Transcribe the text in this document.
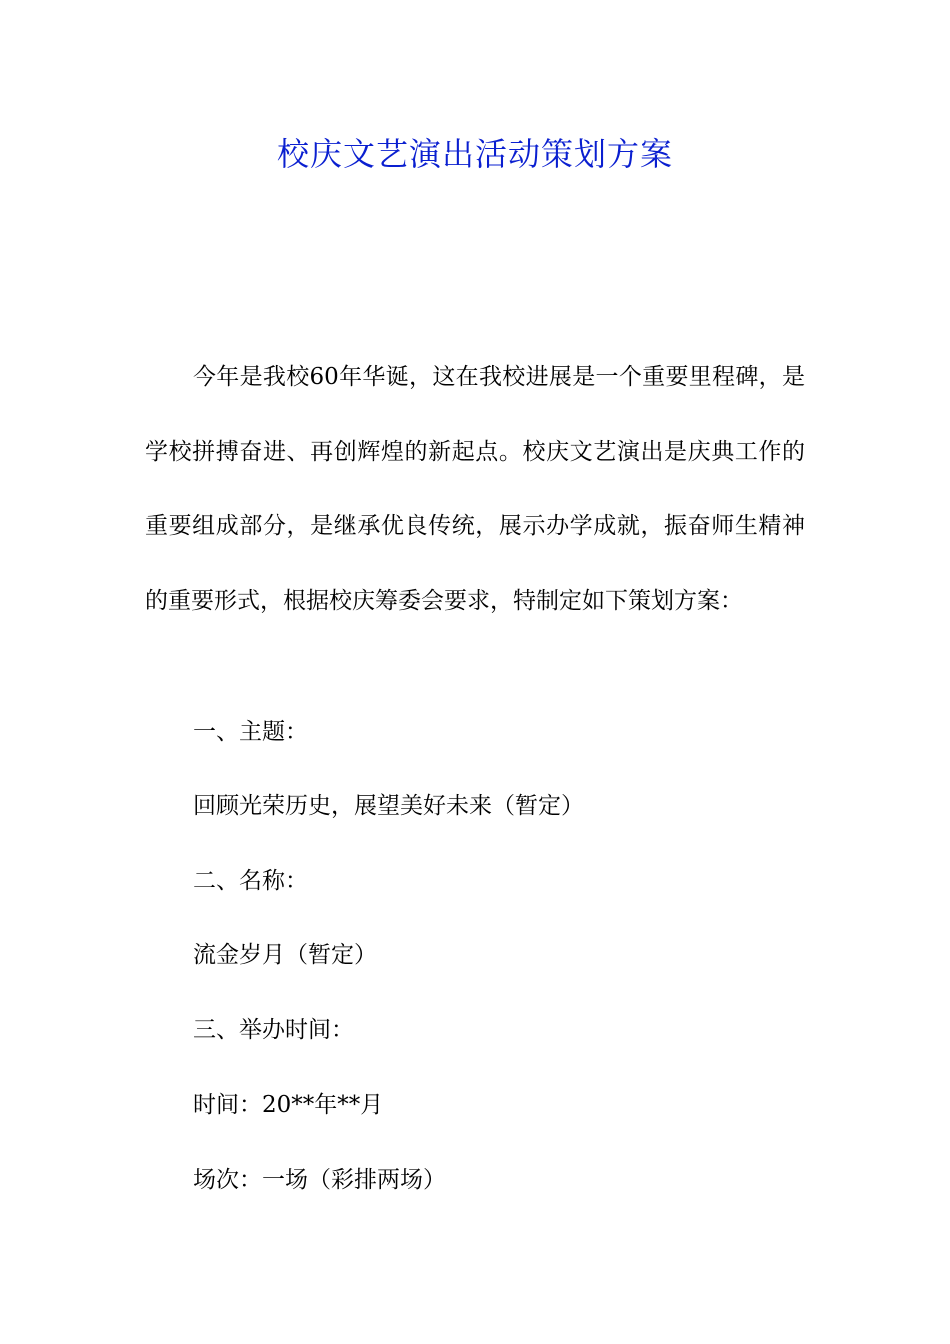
校庆文艺演出活动策划方案

今年是我校60年华诞，这在我校进展是一个重要里程碑，是学校拼搏奋进、再创辉煌的新起点。校庆文艺演出是庆典工作的重要组成部分，是继承优良传统，展示办学成就，振奋师生精神的重要形式，根据校庆筹委会要求，特制定如下策划方案：

一、主题：

回顾光荣历史，展望美好未来（暂定）

二、名称：

流金岁月（暂定）

三、举办时间：

时间：20**年**月

场次：一场（彩排两场）
